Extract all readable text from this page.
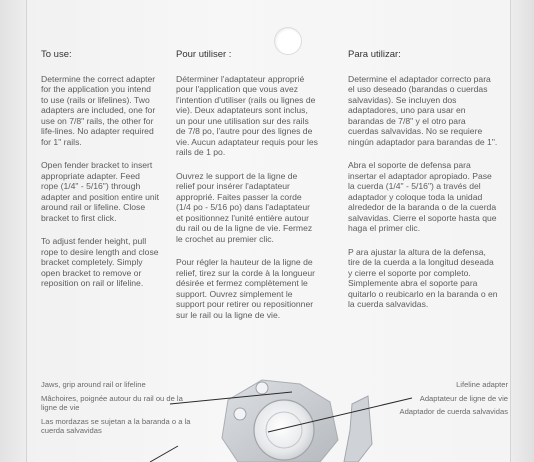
To use:
Determine the correct adapter for the application you intend to use (rails or lifelines). Two adapters are included, one for use on 7/8" rails, the other for life-lines. No adapter required for 1" rails.
Open fender bracket to insert appropriate adapter. Feed rope (1/4" - 5/16") through adapter and position entire unit around rail or lifeline. Close bracket to first click.
To adjust fender height, pull rope to desire length and close bracket completely. Simply open bracket to remove or reposition on rail or lifeline.
Pour utiliser :
Déterminer l'adaptateur approprié pour l'application que vous avez l'intention d'utiliser (rails ou lignes de vie). Deux adaptateurs sont inclus, un pour une utilisation sur des rails de 7/8 po, l'autre pour des lignes de vie. Aucun adaptateur requis pour les rails de 1 po.
Ouvrez le support de la ligne de relief pour insérer l'adaptateur approprié. Faites passer la corde (1/4 po - 5/16 po) dans l'adaptateur et positionnez l'unité entière autour du rail ou de la ligne de vie. Fermez le crochet au premier clic.
Pour régler la hauteur de la ligne de relief, tirez sur la corde à la longueur désirée et fermez complètement le support. Ouvrez simplement le support pour retirer ou repositionner sur le rail ou la ligne de vie.
Para utilizar:
Determine el adaptador correcto para el uso deseado (barandas o cuerdas salvavidas). Se incluyen dos adaptadores, uno para usar en barandas de 7/8" y el otro para cuerdas salvavidas. No se requiere ningún adaptador para barandas de 1".
Abra el soporte de defensa para insertar el adaptador apropiado. Pase la cuerda (1/4" - 5/16") a través del adaptador y coloque toda la unidad alrededor de la baranda o de la cuerda salvavidas. Cierre el soporte hasta que haga el primer clic.
P ara ajustar la altura de la defensa, tire de la cuerda a la longitud deseada y cierre el soporte por completo. Simplemente abra el soporte para quitarlo o reubicarlo en la baranda o en la cuerda salvavidas.
Jaws, grip around rail or lifeline
Mâchoires, poignée autour du rail ou de la ligne de vie
Las mordazas se sujetan a la baranda o a la cuerda salvavidas
Lifeline adapter
Adaptateur de ligne de vie
Adaptador de cuerda salvavidas
